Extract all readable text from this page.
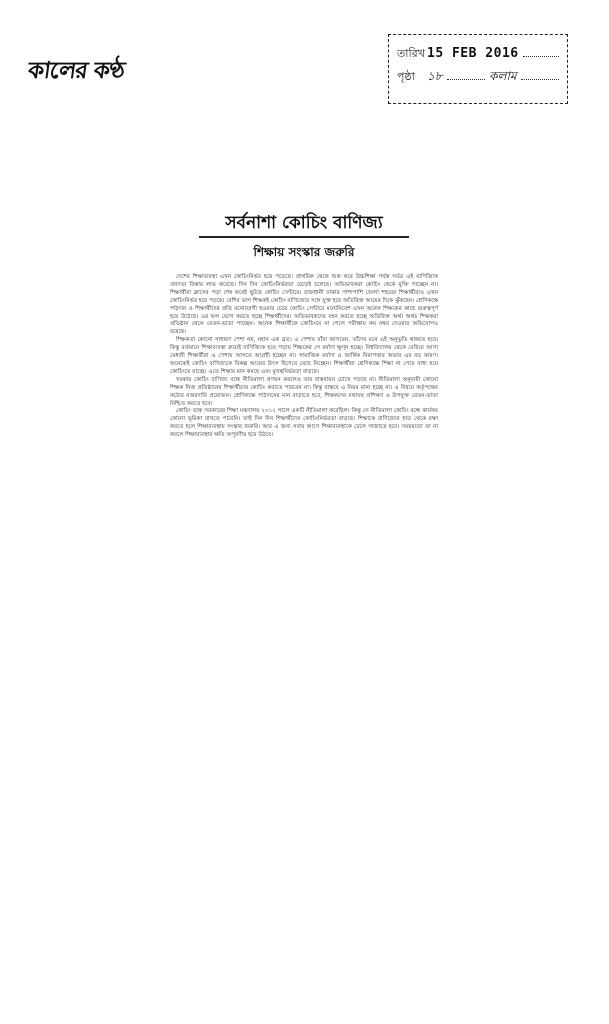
কালের কণ্ঠ
তারিখ 15 FEB 2016
পৃষ্ঠা	১৮	কলাম
সর্বনাশা কোচিং বাণিজ্য
শিক্ষায় সংস্কার জরুরি

দেশের শিক্ষাব্যবস্থা এখন কোচিংনির্ভর হয়ে পড়েছে। প্রাথমিক থেকে শুরু করে উচ্চশিক্ষা পর্যন্ত সর্বত্র এই বাণিজ্যিক প্রবণতা বিস্তার লাভ করেছে। দিন দিন কোচিংনির্ভরতা বেড়েই চলেছে। অভিভাবকরা কোচিং থেকে মুক্তি পাচ্ছেন না। শিক্ষার্থীরা ক্লাসের পড়া শেষ করেই ছুটছে কোচিং সেন্টারে। রাজধানী ঢাকার পাশাপাশি জেলা শহরের শিক্ষার্থীরাও এখন কোচিংনির্ভর হয়ে পড়ছে। বেশির ভাগ শিক্ষকই কোচিং বাণিজ্যের সঙ্গে যুক্ত হয়ে অতিরিক্ত আয়ের দিকে ঝুঁকছেন। শ্রেণিকক্ষে পাঠদান ও শিক্ষার্থীদের প্রতি মনোযোগী হওয়ার চেয়ে কোচিং সেন্টারে মনোনিবেশ এখন অনেক শিক্ষকের কাছে গুরুত্বপূর্ণ হয়ে উঠেছে। এর ফল ভোগ করতে হচ্ছে শিক্ষার্থীদের। অভিভাবকদের বহন করতে হচ্ছে অতিরিক্ত অর্থ। অথচ শিক্ষকরা প্রতিষ্ঠান থেকে বেতন-ভাতা পাচ্ছেন। অনেক শিক্ষার্থীকে কোচিংয়ে না গেলে পরীক্ষায় কম নম্বর দেওয়ার অভিযোগও রয়েছে।

শিক্ষকতা কোনো সাধারণ পেশা নয়, মহান এক ব্রত। এ পেশায় যাঁরা আসবেন, তাঁদের মনে এই অনুভূতি থাকতে হবে। কিন্তু বর্তমানে শিক্ষাব্যবস্থা ক্রমেই বাণিজ্যিক হয়ে পড়ায় শিক্ষকের সে মর্যাদা ক্ষুণ্ন হচ্ছে। বিশ্ববিদ্যালয় থেকে বেরিয়ে আসা মেধাবী শিক্ষার্থীরা এ পেশায় আসতে আগ্রহী হচ্ছেন না। সামাজিক মর্যাদা ও আর্থিক নিরাপত্তার অভাব এর বড় কারণ। অনেকেই কোচিং বাণিজ্যকে বিকল্প আয়ের উৎস হিসেবে বেছে নিচ্ছেন। শিক্ষার্থীরা শ্রেণিকক্ষে শিক্ষা না পেয়ে বাধ্য হয়ে কোচিংয়ে যাচ্ছে। এতে শিক্ষার মান কমছে এবং মুখস্থনির্ভরতা বাড়ছে।

সরকার কোচিং বাণিজ্য বন্ধে নীতিমালা প্রণয়ন করলেও তার বাস্তবায়ন চোখে পড়ছে না। নীতিমালা অনুযায়ী কোনো শিক্ষক নিজ প্রতিষ্ঠানের শিক্ষার্থীদের কোচিং করাতে পারবেন না। কিন্তু বাস্তবে এ নিয়ম মানা হচ্ছে না। এ বিষয়ে কর্তৃপক্ষের কঠোর নজরদারি প্রয়োজন। শ্রেণিকক্ষে পাঠদানের মান বাড়াতে হবে, শিক্ষকদের যথাযথ প্রশিক্ষণ ও উপযুক্ত বেতন-ভাতা নিশ্চিত করতে হবে।

কোচিং বন্ধে সরকারের শিক্ষা মন্ত্রণালয় ২০১২ সালে একটি নীতিমালা করেছিল। কিন্তু সে নীতিমালা কোচিং বন্ধে কার্যকর কোনো ভূমিকা রাখতে পারেনি। তাই দিন দিন শিক্ষার্থীদের কোচিংনির্ভরতা বাড়ছে। শিক্ষাকে বাণিজ্যের হাত থেকে রক্ষা করতে হলে শিক্ষাব্যবস্থায় সংস্কার জরুরি। আর এ জন্য সবার আগে শিক্ষাব্যবস্থাকে ঢেলে সাজাতে হবে। সময়মতো তা না করলে শিক্ষাব্যবস্থার ক্ষতি অপূরণীয় হয়ে উঠবে।
